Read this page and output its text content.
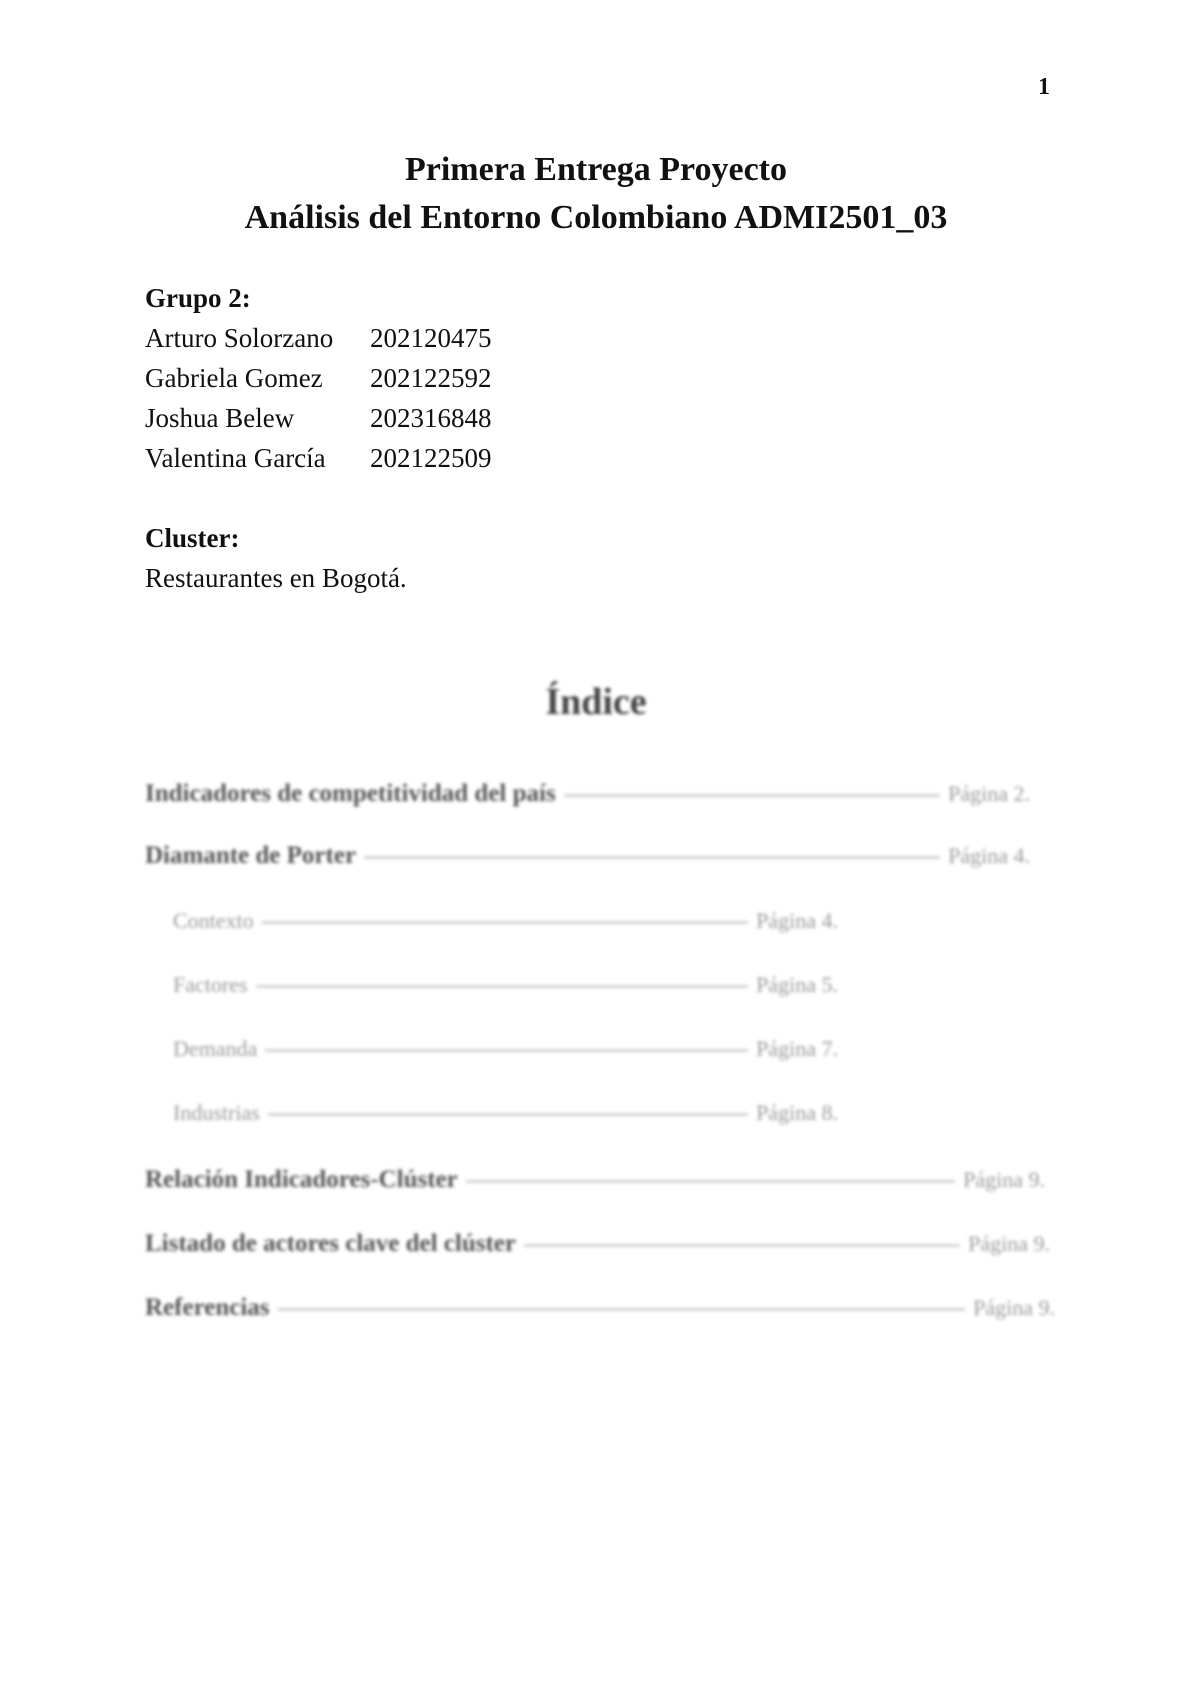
1
Primera Entrega Proyecto
Análisis del Entorno Colombiano ADMI2501_03
Grupo 2:
Arturo Solorzano	202120475
Gabriela Gomez	202122592
Joshua Belew	202316848
Valentina García	202122509
Cluster:
Restaurantes en Bogotá.
Índice
Indicadores de competitividad del país	Página 2.
Diamante de Porter	Página 4.
Contexto	Página 4.
Factores	Página 5.
Demanda	Página 7.
Industrias	Página 8.
Relación Indicadores-Clúster	Página 9.
Listado de actores clave del clúster	Página 9.
Referencias	Página 9.
